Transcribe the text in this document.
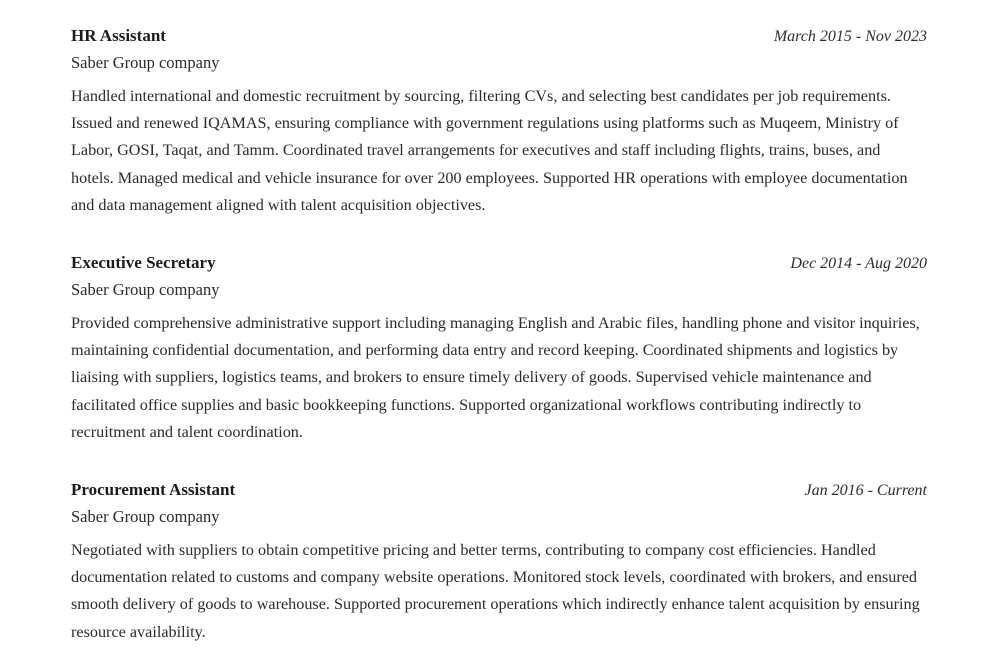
HR Assistant	March 2015 - Nov 2023
Saber Group company
Handled international and domestic recruitment by sourcing, filtering CVs, and selecting best candidates per job requirements. Issued and renewed IQAMAS, ensuring compliance with government regulations using platforms such as Muqeem, Ministry of Labor, GOSI, Taqat, and Tamm. Coordinated travel arrangements for executives and staff including flights, trains, buses, and hotels. Managed medical and vehicle insurance for over 200 employees. Supported HR operations with employee documentation and data management aligned with talent acquisition objectives.
Executive Secretary	Dec 2014 - Aug 2020
Saber Group company
Provided comprehensive administrative support including managing English and Arabic files, handling phone and visitor inquiries, maintaining confidential documentation, and performing data entry and record keeping. Coordinated shipments and logistics by liaising with suppliers, logistics teams, and brokers to ensure timely delivery of goods. Supervised vehicle maintenance and facilitated office supplies and basic bookkeeping functions. Supported organizational workflows contributing indirectly to recruitment and talent coordination.
Procurement Assistant	Jan 2016 - Current
Saber Group company
Negotiated with suppliers to obtain competitive pricing and better terms, contributing to company cost efficiencies. Handled documentation related to customs and company website operations. Monitored stock levels, coordinated with brokers, and ensured smooth delivery of goods to warehouse. Supported procurement operations which indirectly enhance talent acquisition by ensuring resource availability.
